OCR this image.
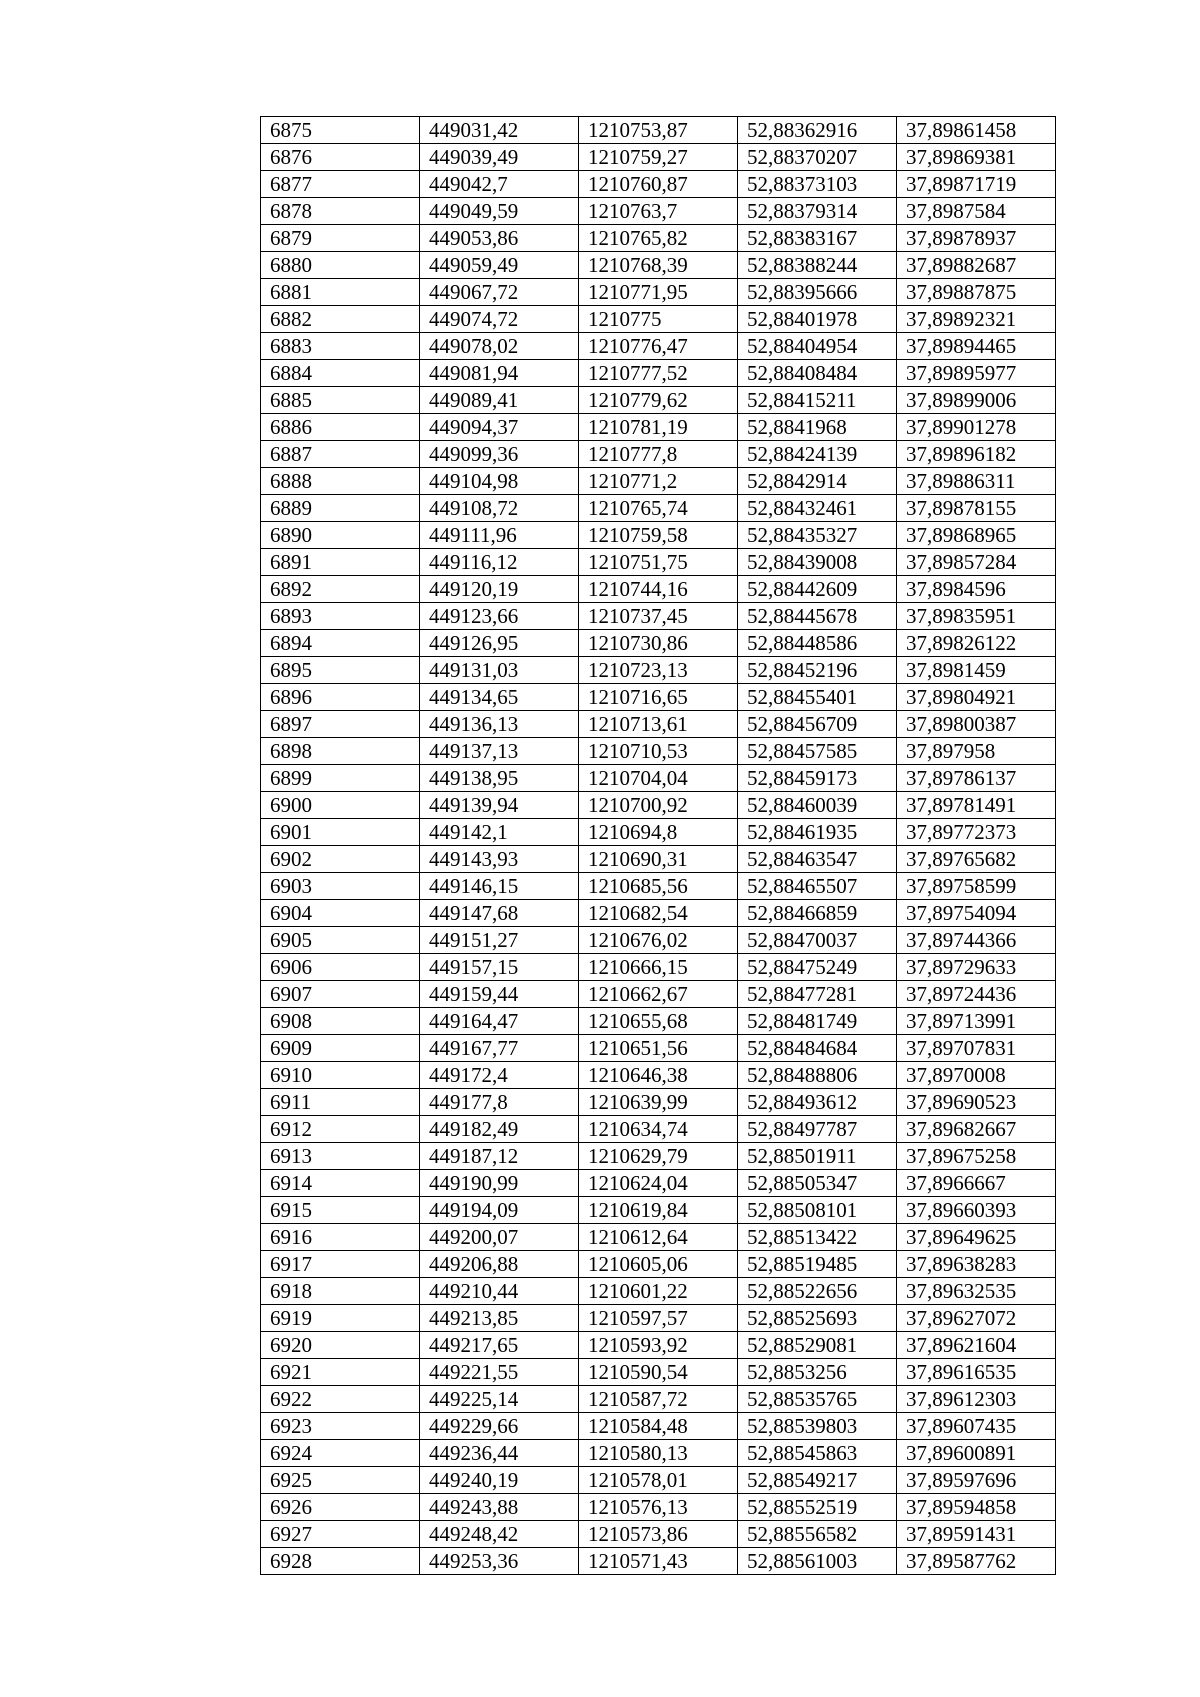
6875	449031,42	1210753,87	52,88362916	37,89861458
6876	449039,49	1210759,27	52,88370207	37,89869381
6877	449042,7	1210760,87	52,88373103	37,89871719
6878	449049,59	1210763,7	52,88379314	37,8987584
6879	449053,86	1210765,82	52,88383167	37,89878937
6880	449059,49	1210768,39	52,88388244	37,89882687
6881	449067,72	1210771,95	52,88395666	37,89887875
6882	449074,72	1210775	52,88401978	37,89892321
6883	449078,02	1210776,47	52,88404954	37,89894465
6884	449081,94	1210777,52	52,88408484	37,89895977
6885	449089,41	1210779,62	52,88415211	37,89899006
6886	449094,37	1210781,19	52,8841968	37,89901278
6887	449099,36	1210777,8	52,88424139	37,89896182
6888	449104,98	1210771,2	52,8842914	37,89886311
6889	449108,72	1210765,74	52,88432461	37,89878155
6890	449111,96	1210759,58	52,88435327	37,89868965
6891	449116,12	1210751,75	52,88439008	37,89857284
6892	449120,19	1210744,16	52,88442609	37,8984596
6893	449123,66	1210737,45	52,88445678	37,89835951
6894	449126,95	1210730,86	52,88448586	37,89826122
6895	449131,03	1210723,13	52,88452196	37,8981459
6896	449134,65	1210716,65	52,88455401	37,89804921
6897	449136,13	1210713,61	52,88456709	37,89800387
6898	449137,13	1210710,53	52,88457585	37,897958
6899	449138,95	1210704,04	52,88459173	37,89786137
6900	449139,94	1210700,92	52,88460039	37,89781491
6901	449142,1	1210694,8	52,88461935	37,89772373
6902	449143,93	1210690,31	52,88463547	37,89765682
6903	449146,15	1210685,56	52,88465507	37,89758599
6904	449147,68	1210682,54	52,88466859	37,89754094
6905	449151,27	1210676,02	52,88470037	37,89744366
6906	449157,15	1210666,15	52,88475249	37,89729633
6907	449159,44	1210662,67	52,88477281	37,89724436
6908	449164,47	1210655,68	52,88481749	37,89713991
6909	449167,77	1210651,56	52,88484684	37,89707831
6910	449172,4	1210646,38	52,88488806	37,8970008
6911	449177,8	1210639,99	52,88493612	37,89690523
6912	449182,49	1210634,74	52,88497787	37,89682667
6913	449187,12	1210629,79	52,88501911	37,89675258
6914	449190,99	1210624,04	52,88505347	37,8966667
6915	449194,09	1210619,84	52,88508101	37,89660393
6916	449200,07	1210612,64	52,88513422	37,89649625
6917	449206,88	1210605,06	52,88519485	37,89638283
6918	449210,44	1210601,22	52,88522656	37,89632535
6919	449213,85	1210597,57	52,88525693	37,89627072
6920	449217,65	1210593,92	52,88529081	37,89621604
6921	449221,55	1210590,54	52,8853256	37,89616535
6922	449225,14	1210587,72	52,88535765	37,89612303
6923	449229,66	1210584,48	52,88539803	37,89607435
6924	449236,44	1210580,13	52,88545863	37,89600891
6925	449240,19	1210578,01	52,88549217	37,89597696
6926	449243,88	1210576,13	52,88552519	37,89594858
6927	449248,42	1210573,86	52,88556582	37,89591431
6928	449253,36	1210571,43	52,88561003	37,89587762
